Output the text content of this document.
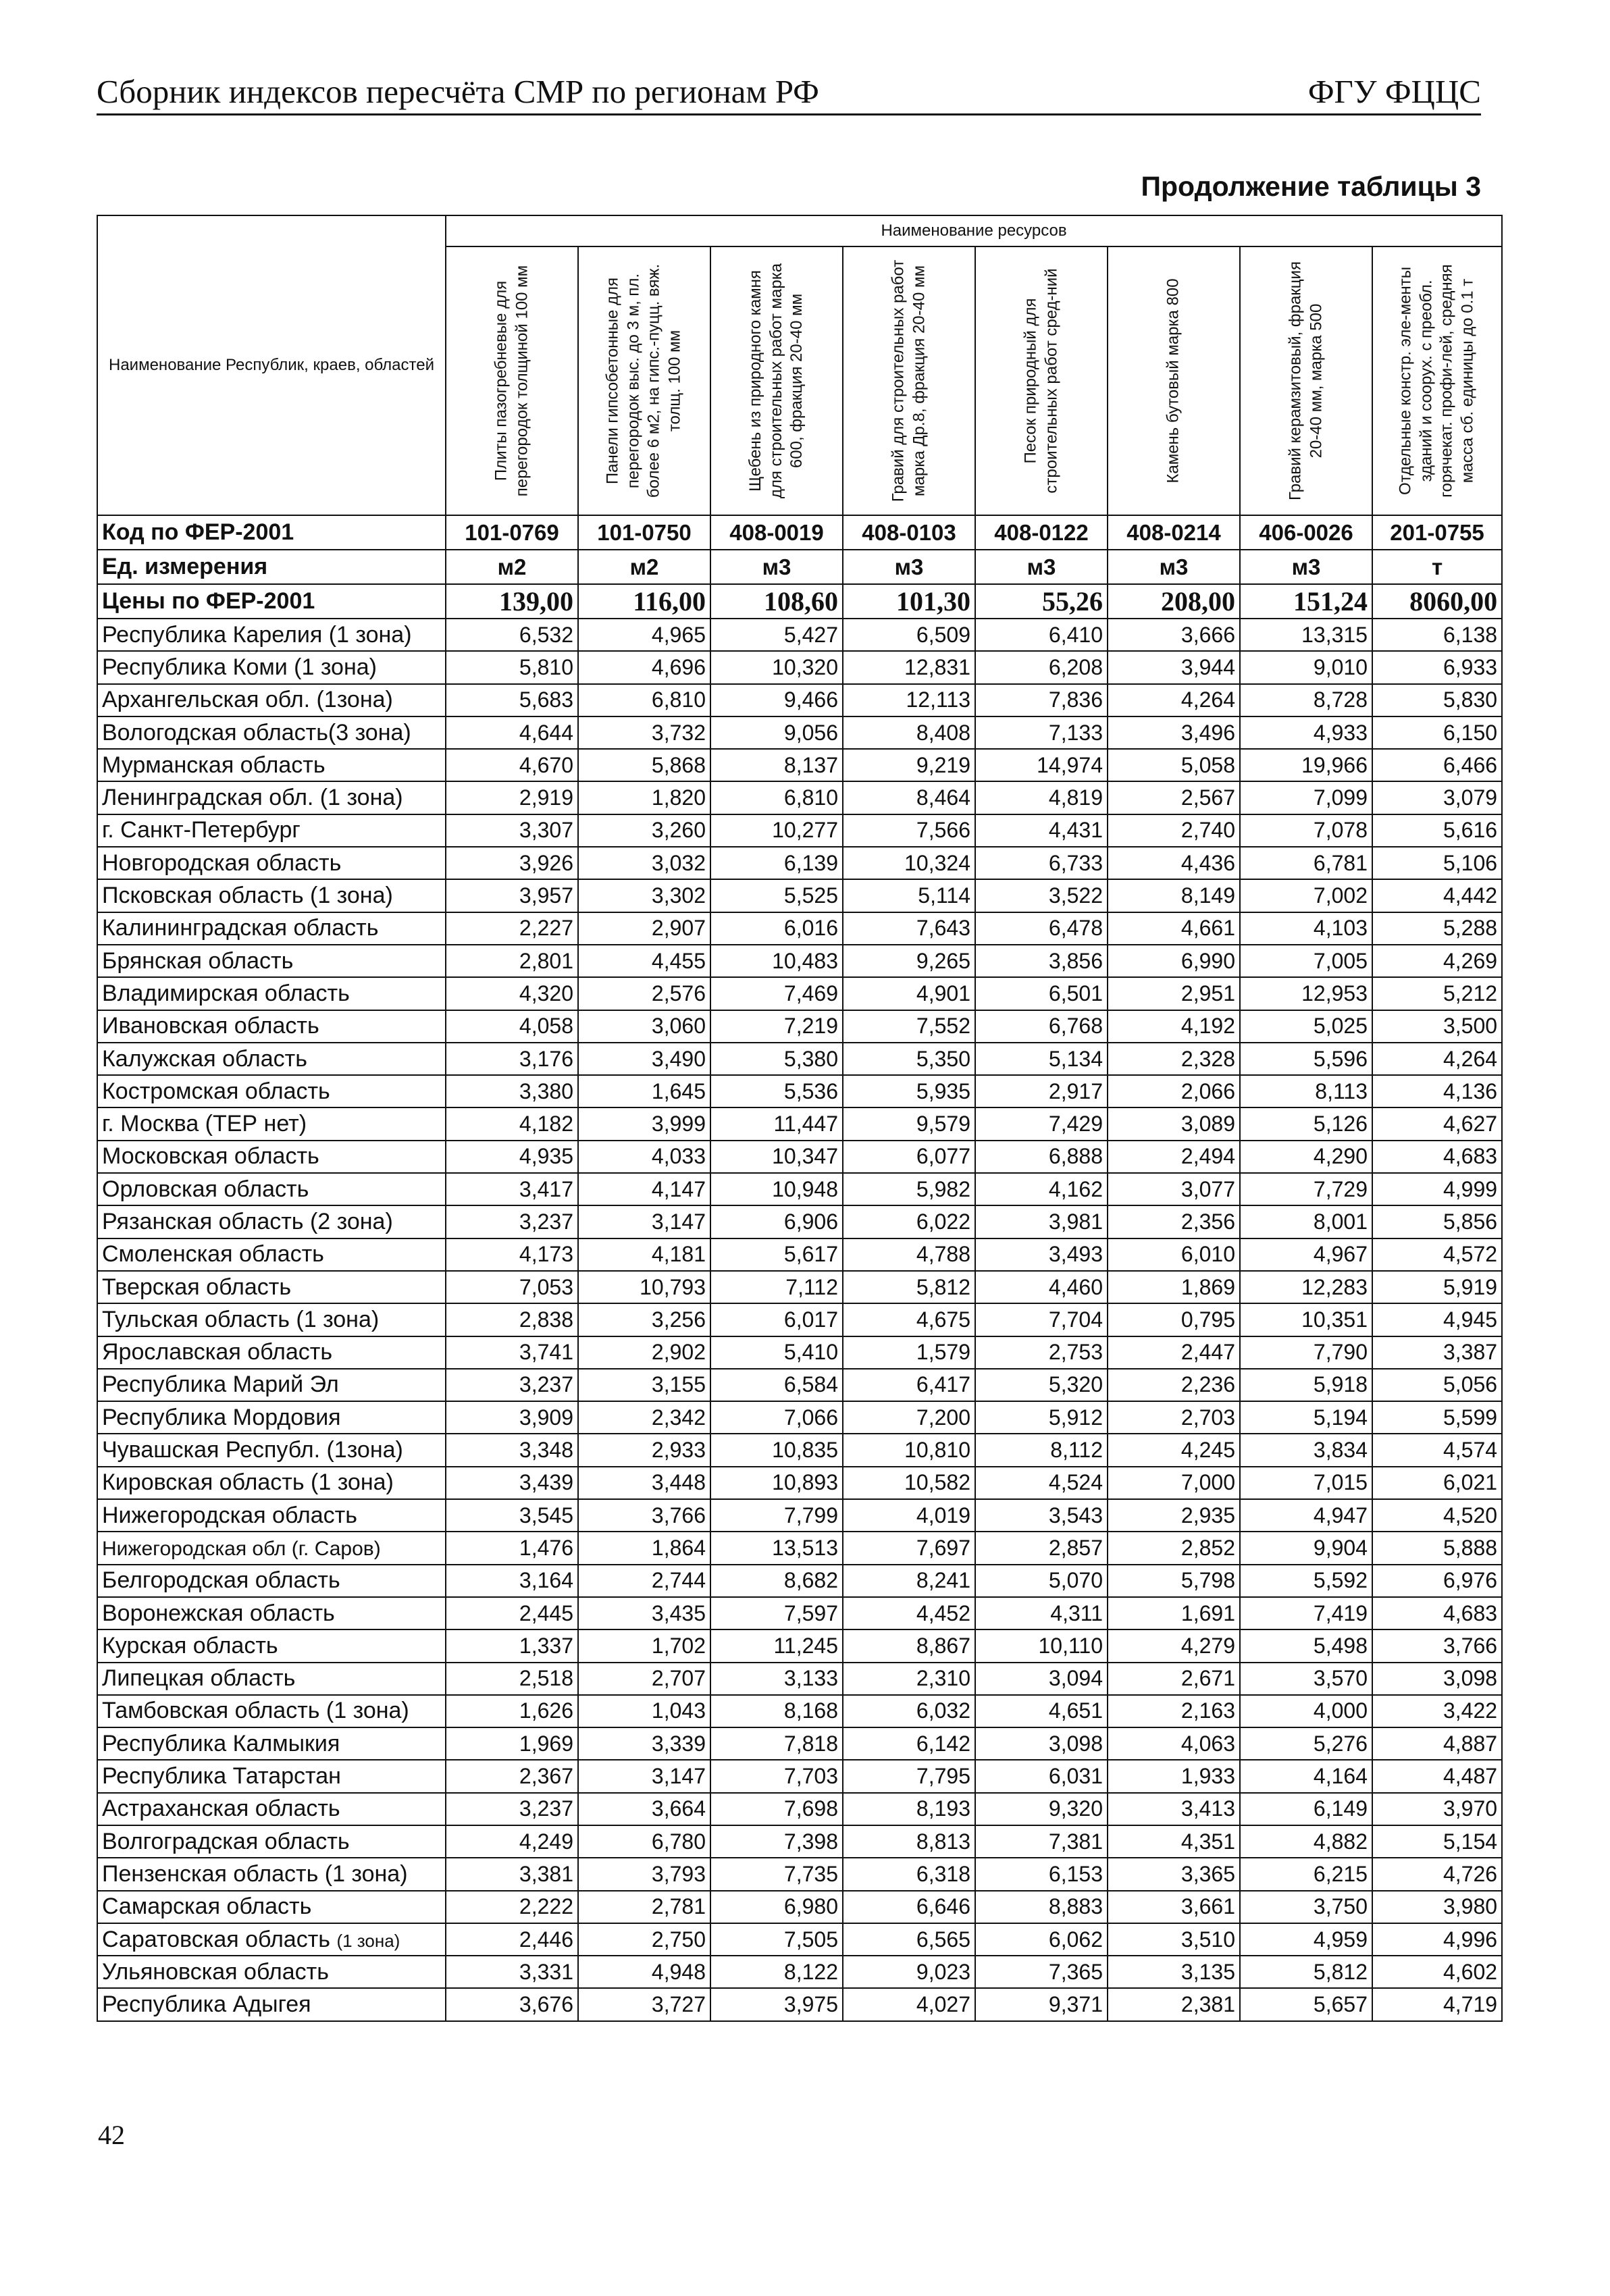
Сборник индексов пересчёта СМР по регионам РФ	ФГУ ФЦЦС
Продолжение таблицы 3
Наименование Республик, краев, областей	Наименование ресурсов							

	Плиты пазогребневые для перегородок толщиной 100 мм	Панели гипсобетонные для перегородок выс. до 3 м, пл. более 6 м2, на гипс.-пуцц. вяж. толщ. 100 мм	Щебень из природного камня для строительных работ марка 600, фракция 20-40 мм	Гравий для строительных работ марка Др.8, фракция 20-40 мм	Песок природный для строительных работ сред-ний	Камень бутовый марка 800	Гравий керамзитовый, фракция 20-40 мм, марка 500	Отдельные констр. эле-менты зданий и соорух. с преобл. горячекат. профи-лей, средняя масса сб. единицы до 0.1 т

Код по ФЕР-2001	101-0769	101-0750	408-0019	408-0103	408-0122	408-0214	406-0026	201-0755
Ед. измерения	м2	м2	м3	м3	м3	м3	м3	т
Цены по ФЕР-2001	139,00	116,00	108,60	101,30	55,26	208,00	151,24	8060,00
Республика Карелия (1 зона)	6,532	4,965	5,427	6,509	6,410	3,666	13,315	6,138
Республика Коми (1 зона)	5,810	4,696	10,320	12,831	6,208	3,944	9,010	6,933
Архангельская обл. (1зона)	5,683	6,810	9,466	12,113	7,836	4,264	8,728	5,830
Вологодская область(3 зона)	4,644	3,732	9,056	8,408	7,133	3,496	4,933	6,150
Мурманская область	4,670	5,868	8,137	9,219	14,974	5,058	19,966	6,466
Ленинградская обл. (1 зона)	2,919	1,820	6,810	8,464	4,819	2,567	7,099	3,079
г. Санкт-Петербург	3,307	3,260	10,277	7,566	4,431	2,740	7,078	5,616
Новгородская область	3,926	3,032	6,139	10,324	6,733	4,436	6,781	5,106
Псковская область (1 зона)	3,957	3,302	5,525	5,114	3,522	8,149	7,002	4,442
Калининградская область	2,227	2,907	6,016	7,643	6,478	4,661	4,103	5,288
Брянская область	2,801	4,455	10,483	9,265	3,856	6,990	7,005	4,269
Владимирская область	4,320	2,576	7,469	4,901	6,501	2,951	12,953	5,212
Ивановская область	4,058	3,060	7,219	7,552	6,768	4,192	5,025	3,500
Калужская область	3,176	3,490	5,380	5,350	5,134	2,328	5,596	4,264
Костромская область	3,380	1,645	5,536	5,935	2,917	2,066	8,113	4,136
г. Москва (ТЕР нет)	4,182	3,999	11,447	9,579	7,429	3,089	5,126	4,627
Московская область	4,935	4,033	10,347	6,077	6,888	2,494	4,290	4,683
Орловская область	3,417	4,147	10,948	5,982	4,162	3,077	7,729	4,999
Рязанская область (2 зона)	3,237	3,147	6,906	6,022	3,981	2,356	8,001	5,856
Смоленская область	4,173	4,181	5,617	4,788	3,493	6,010	4,967	4,572
Тверская область	7,053	10,793	7,112	5,812	4,460	1,869	12,283	5,919
Тульская область (1 зона)	2,838	3,256	6,017	4,675	7,704	0,795	10,351	4,945
Ярославская область	3,741	2,902	5,410	1,579	2,753	2,447	7,790	3,387
Республика Марий Эл	3,237	3,155	6,584	6,417	5,320	2,236	5,918	5,056
Республика Мордовия	3,909	2,342	7,066	7,200	5,912	2,703	5,194	5,599
Чувашская Республ. (1зона)	3,348	2,933	10,835	10,810	8,112	4,245	3,834	4,574
Кировская область (1 зона)	3,439	3,448	10,893	10,582	4,524	7,000	7,015	6,021
Нижегородская область	3,545	3,766	7,799	4,019	3,543	2,935	4,947	4,520
Нижегородская обл (г. Саров)	1,476	1,864	13,513	7,697	2,857	2,852	9,904	5,888
Белгородская область	3,164	2,744	8,682	8,241	5,070	5,798	5,592	6,976
Воронежская область	2,445	3,435	7,597	4,452	4,311	1,691	7,419	4,683
Курская область	1,337	1,702	11,245	8,867	10,110	4,279	5,498	3,766
Липецкая область	2,518	2,707	3,133	2,310	3,094	2,671	3,570	3,098
Тамбовская область (1 зона)	1,626	1,043	8,168	6,032	4,651	2,163	4,000	3,422
Республика Калмыкия	1,969	3,339	7,818	6,142	3,098	4,063	5,276	4,887
Республика Татарстан	2,367	3,147	7,703	7,795	6,031	1,933	4,164	4,487
Астраханская область	3,237	3,664	7,698	8,193	9,320	3,413	6,149	3,970
Волгоградская область	4,249	6,780	7,398	8,813	7,381	4,351	4,882	5,154
Пензенская область (1 зона)	3,381	3,793	7,735	6,318	6,153	3,365	6,215	4,726
Самарская область	2,222	2,781	6,980	6,646	8,883	3,661	3,750	3,980
Саратовская область (1 зона)	2,446	2,750	7,505	6,565	6,062	3,510	4,959	4,996
Ульяновская область	3,331	4,948	8,122	9,023	7,365	3,135	5,812	4,602
Республика Адыгея	3,676	3,727	3,975	4,027	9,371	2,381	5,657	4,719
42
